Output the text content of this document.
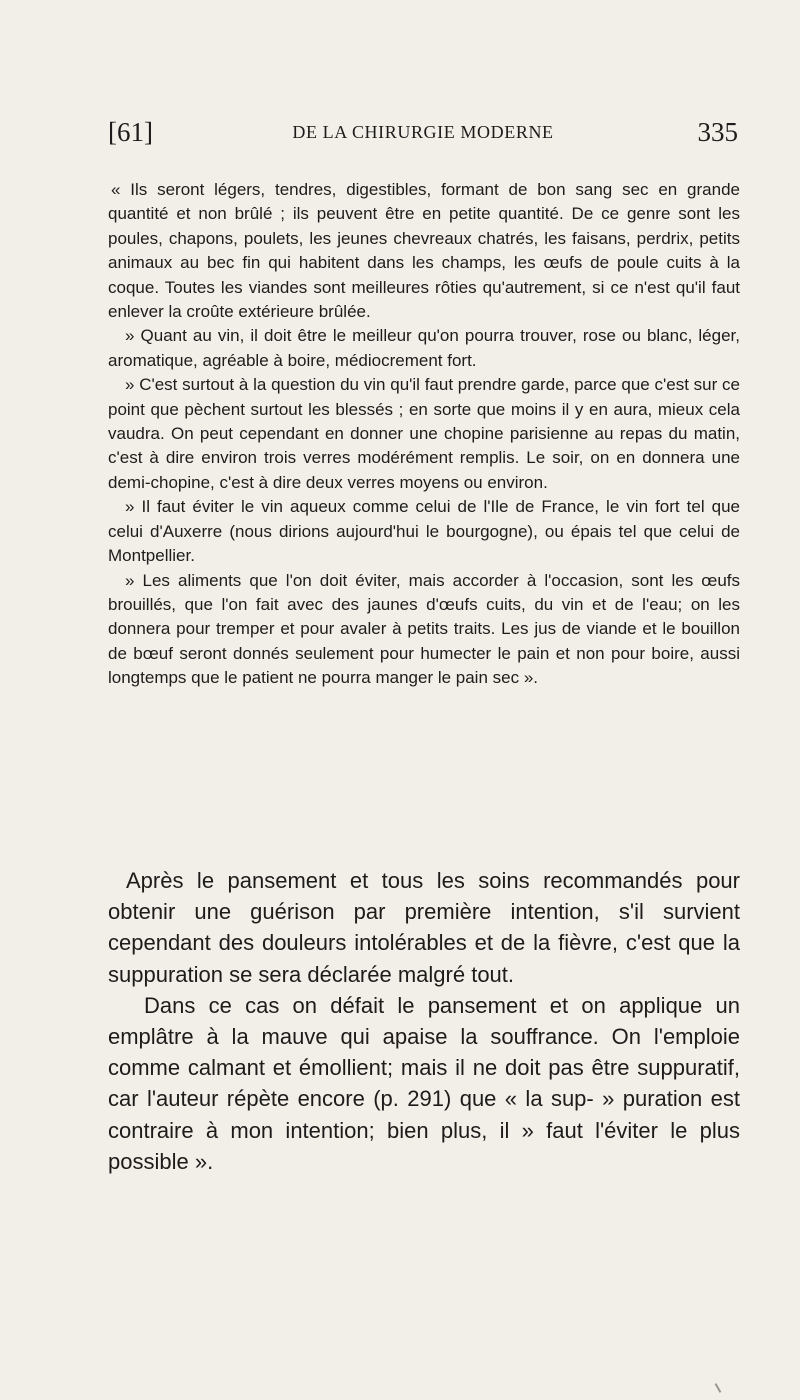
[61]	DE LA CHIRURGIE MODERNE	335

« Ils seront légers, tendres, digestibles, formant de bon sang sec en grande quantité et non brûlé ; ils peuvent être en petite quantité. De ce genre sont les poules, chapons, poulets, les jeunes chevreaux chatrés, les faisans, perdrix, petits animaux au bec fin qui habitent dans les champs, les œufs de poule cuits à la coque. Toutes les viandes sont meilleures rôties qu'autrement, si ce n'est qu'il faut enlever la croûte extérieure brûlée.

» Quant au vin, il doit être le meilleur qu'on pourra trouver, rose ou blanc, léger, aromatique, agréable à boire, médiocrement fort.

» C'est surtout à la question du vin qu'il faut prendre garde, parce que c'est sur ce point que pèchent surtout les blessés ; en sorte que moins il y en aura, mieux cela vaudra. On peut cependant en donner une chopine parisienne au repas du matin, c'est à dire environ trois verres modérément remplis. Le soir, on en donnera une demi-chopine, c'est à dire deux verres moyens ou environ.

» Il faut éviter le vin aqueux comme celui de l'Ile de France, le vin fort tel que celui d'Auxerre (nous dirions aujourd'hui le bourgogne), ou épais tel que celui de Montpellier.

» Les aliments que l'on doit éviter, mais accorder à l'occasion, sont les œufs brouillés, que l'on fait avec des jaunes d'œufs cuits, du vin et de l'eau; on les donnera pour tremper et pour avaler à petits traits. Les jus de viande et le bouillon de bœuf seront donnés seulement pour humecter le pain et non pour boire, aussi longtemps que le patient ne pourra manger le pain sec ».

Après le pansement et tous les soins recommandés pour obtenir une guérison par première intention, s'il survient cependant des douleurs intolérables et de la fièvre, c'est que la suppuration se sera déclarée malgré tout.

Dans ce cas on défait le pansement et on applique un emplâtre à la mauve qui apaise la souffrance. On l'emploie comme calmant et émollient; mais il ne doit pas être suppuratif, car l'auteur répète encore (p. 291) que « la sup- » puration est contraire à mon intention; bien plus, il » faut l'éviter le plus possible ».
